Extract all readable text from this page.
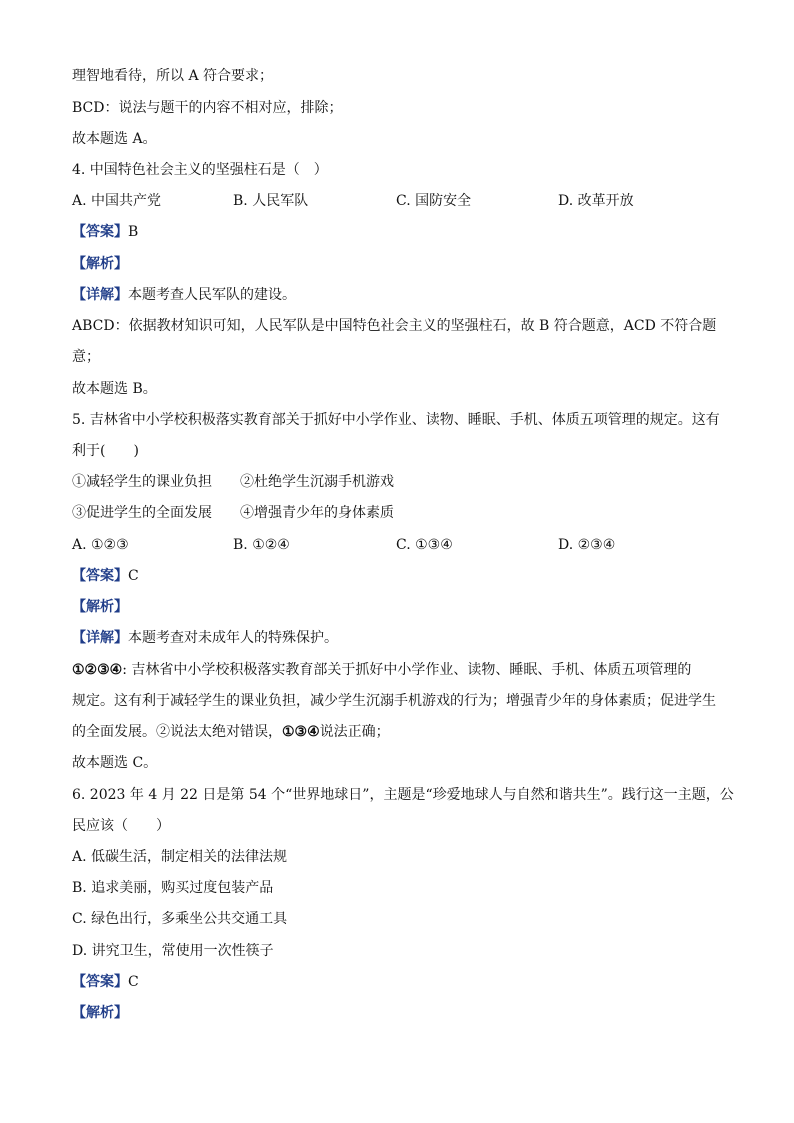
理智地看待，所以 A 符合要求；
BCD：说法与题干的内容不相对应，排除；
故本题选 A。
4. 中国特色社会主义的坚强柱石是（　）
A. 中国共产党	B. 人民军队	C. 国防安全	D. 改革开放
【答案】B
【解析】
【详解】本题考查人民军队的建设。
ABCD：依据教材知识可知，人民军队是中国特色社会主义的坚强柱石，故 B 符合题意，ACD 不符合题
意；
故本题选 B。
5. 吉林省中小学校积极落实教育部关于抓好中小学作业、读物、睡眠、手机、体质五项管理的规定。这有
利于(　　)
①减轻学生的课业负担 ②杜绝学生沉溺手机游戏
③促进学生的全面发展 ④增强青少年的身体素质
A. ①②③	B. ①②④	C. ①③④	D. ②③④
【答案】C
【解析】
【详解】本题考查对未成年人的特殊保护。
①②③④: 吉林省中小学校积极落实教育部关于抓好中小学作业、读物、睡眠、手机、体质五项管理的
规定。这有利于减轻学生的课业负担，减少学生沉溺手机游戏的行为；增强青少年的身体素质；促进学生
的全面发展。②说法太绝对错误，①③④说法正确；
故本题选 C。
6. 2023 年 4 月 22 日是第 54 个“世界地球日”，主题是“珍爱地球人与自然和谐共生”。践行这一主题，公
民应该（　　）
A. 低碳生活，制定相关的法律法规
B. 追求美丽，购买过度包装产品
C. 绿色出行，多乘坐公共交通工具
D. 讲究卫生，常使用一次性筷子
【答案】C
【解析】
